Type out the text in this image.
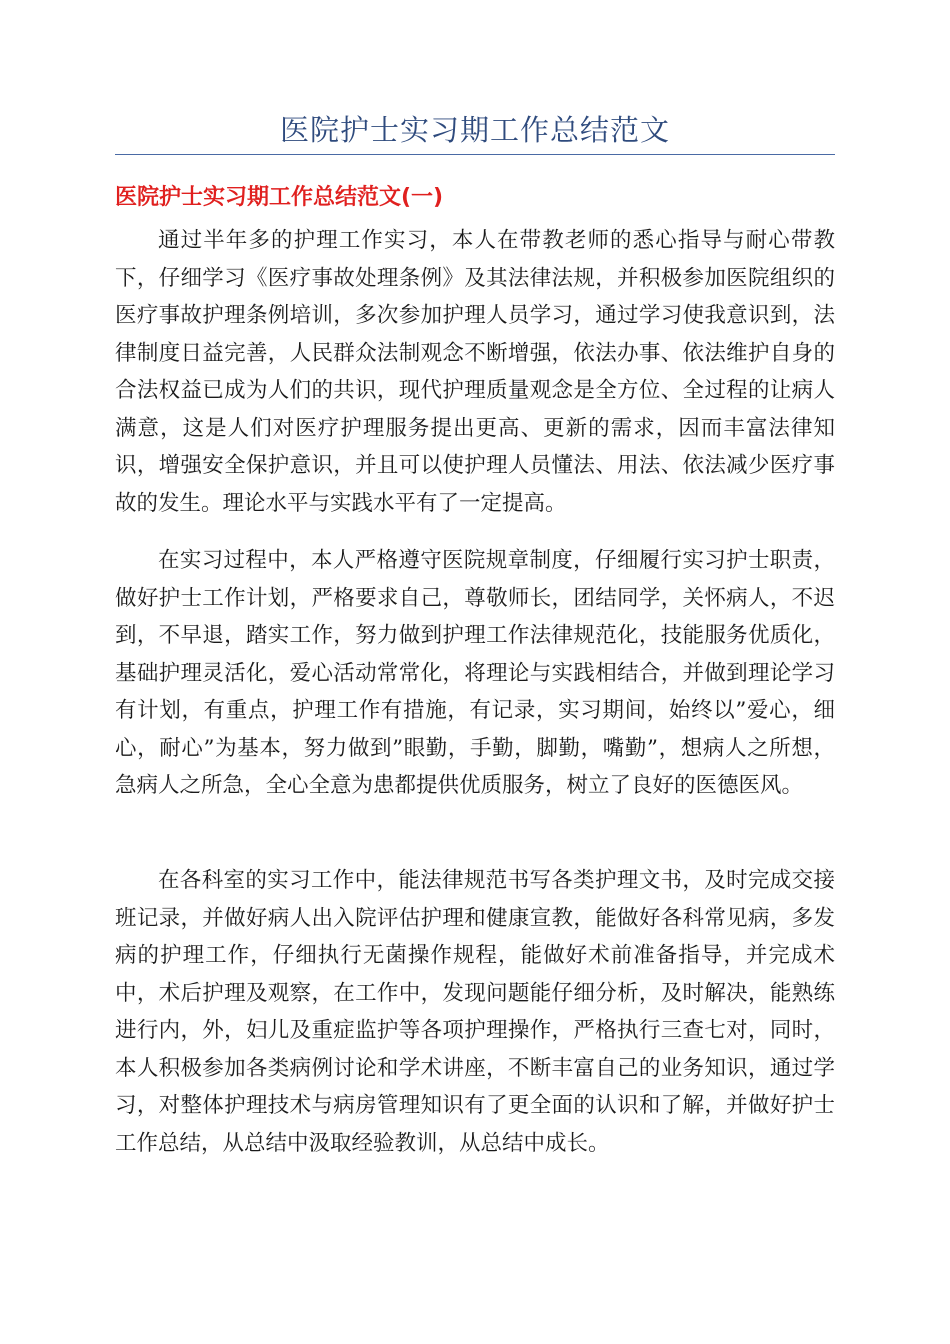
医院护士实习期工作总结范文
医院护士实习期工作总结范文(一)

通过半年多的护理工作实习，本人在带教老师的悉心指导与耐心带教下，仔细学习《医疗事故处理条例》及其法律法规，并积极参加医院组织的医疗事故护理条例培训，多次参加护理人员学习，通过学习使我意识到，法律制度日益完善，人民群众法制观念不断增强，依法办事、依法维护自身的合法权益已成为人们的共识，现代护理质量观念是全方位、全过程的让病人满意，这是人们对医疗护理服务提出更高、更新的需求，因而丰富法律知识，增强安全保护意识，并且可以使护理人员懂法、用法、依法减少医疗事故的发生。理论水平与实践水平有了一定提高。

在实习过程中，本人严格遵守医院规章制度，仔细履行实习护士职责，做好护士工作计划，严格要求自己，尊敬师长，团结同学，关怀病人，不迟到，不早退，踏实工作，努力做到护理工作法律规范化，技能服务优质化，基础护理灵活化，爱心活动常常化，将理论与实践相结合，并做到理论学习有计划，有重点，护理工作有措施，有记录，实习期间，始终以”爱心，细心，耐心”为基本，努力做到”眼勤，手勤，脚勤，嘴勤”，想病人之所想，急病人之所急，全心全意为患都提供优质服务，树立了良好的医德医风。

在各科室的实习工作中，能法律规范书写各类护理文书，及时完成交接班记录，并做好病人出入院评估护理和健康宣教，能做好各科常见病，多发病的护理工作，仔细执行无菌操作规程，能做好术前准备指导，并完成术中，术后护理及观察，在工作中，发现问题能仔细分析，及时解决，能熟练进行内，外，妇儿及重症监护等各项护理操作，严格执行三查七对，同时，本人积极参加各类病例讨论和学术讲座，不断丰富自己的业务知识，通过学习，对整体护理技术与病房管理知识有了更全面的认识和了解，并做好护士工作总结，从总结中汲取经验教训，从总结中成长。
